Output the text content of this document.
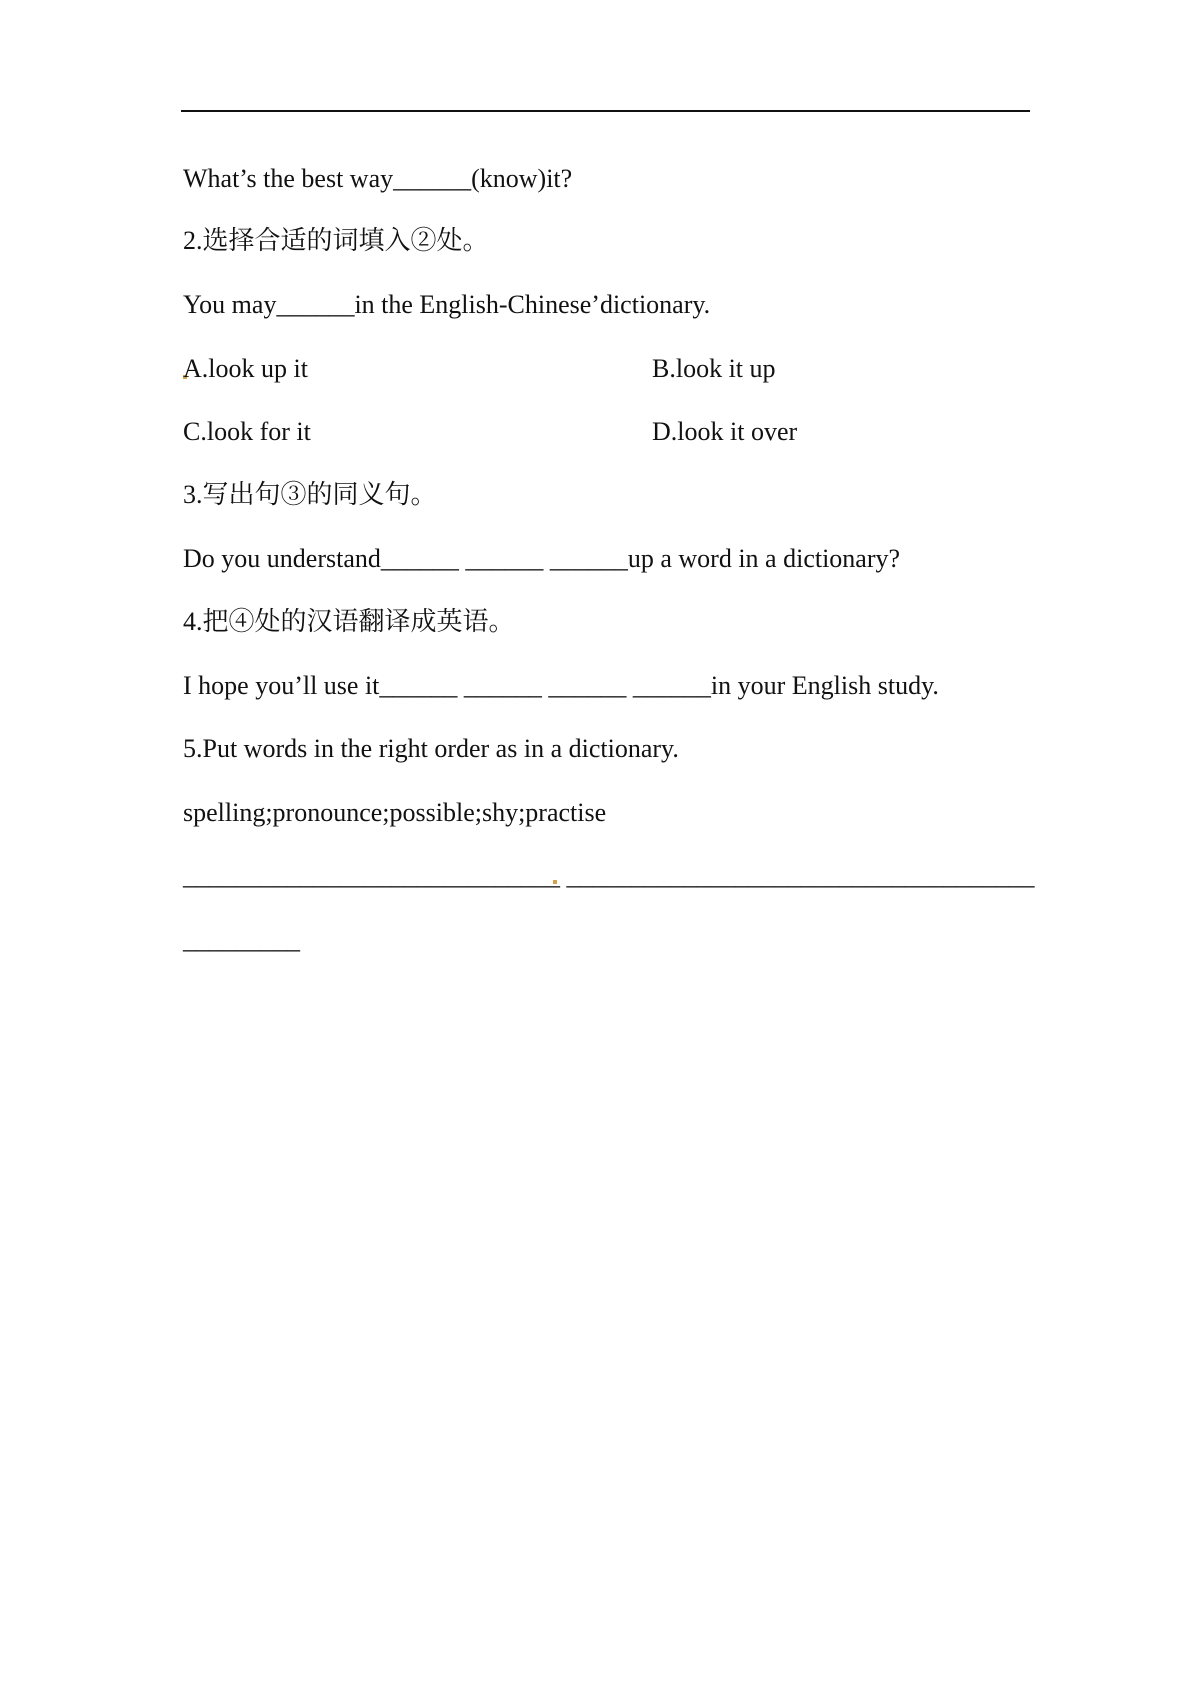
What’s the best way______(know)it?
2.选择合适的词填入②处。
You may______in the English-Chinese’dictionary.
A.look up it	B.look it up
C.look for it	D.look it over
3.写出句③的同义句。
Do you understand______ ______ ______up a word in a dictionary?
4.把④处的汉语翻译成英语。
I hope you’ll use it______ ______ ______ ______in your English study.
5.Put words in the right order as in a dictionary.
spelling;pronounce;possible;shy;practise
_____________________________ ____________________________________
_________
